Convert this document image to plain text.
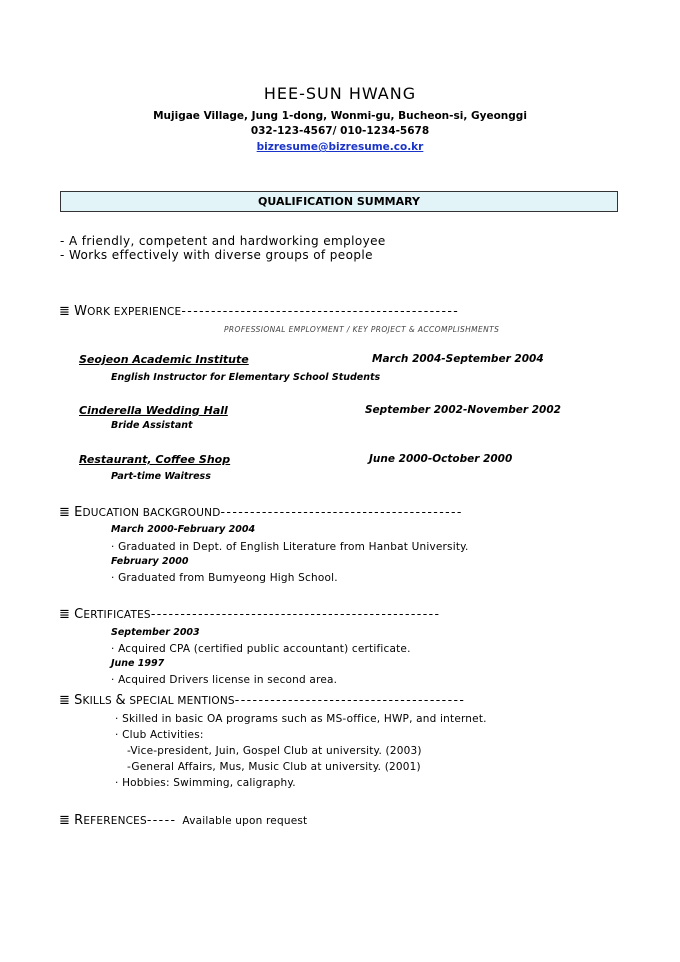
HEE-SUN HWANG
Mujigae Village, Jung 1-dong, Wonmi-gu, Bucheon-si, Gyeonggi
032-123-4567/ 010-1234-5678
bizresume@bizresume.co.kr
QUALIFICATION SUMMARY
- A friendly, competent and hardworking employee
- Works effectively with diverse groups of people
≣ WORK EXPERIENCE-----------------------------------------------
PROFESSIONAL EMPLOYMENT / KEY PROJECT & ACCOMPLISHMENTS
Seojeon Academic Institute	March 2004-September 2004
English Instructor for Elementary School Students
Cinderella Wedding Hall	September 2002-November 2002
Bride Assistant
Restaurant, Coffee Shop	June 2000-October 2000
Part-time Waitress
≣ EDUCATION BACKGROUND-----------------------------------------
March 2000-February 2004
· Graduated in Dept. of English Literature from Hanbat University.
February 2000
· Graduated from Bumyeong High School.
≣ CERTIFICATES-------------------------------------------------
September 2003
· Acquired CPA (certified public accountant) certificate.
June 1997
· Acquired Drivers license in second area.
≣ SKILLS & SPECIAL MENTIONS---------------------------------------
· Skilled in basic OA programs such as MS-office, HWP, and internet.
· Club Activities:
-Vice-president, Juin, Gospel Club at university. (2003)
-General Affairs, Mus, Music Club at university. (2001)
· Hobbies: Swimming, caligraphy.
≣ REFERENCES----- Available upon request
